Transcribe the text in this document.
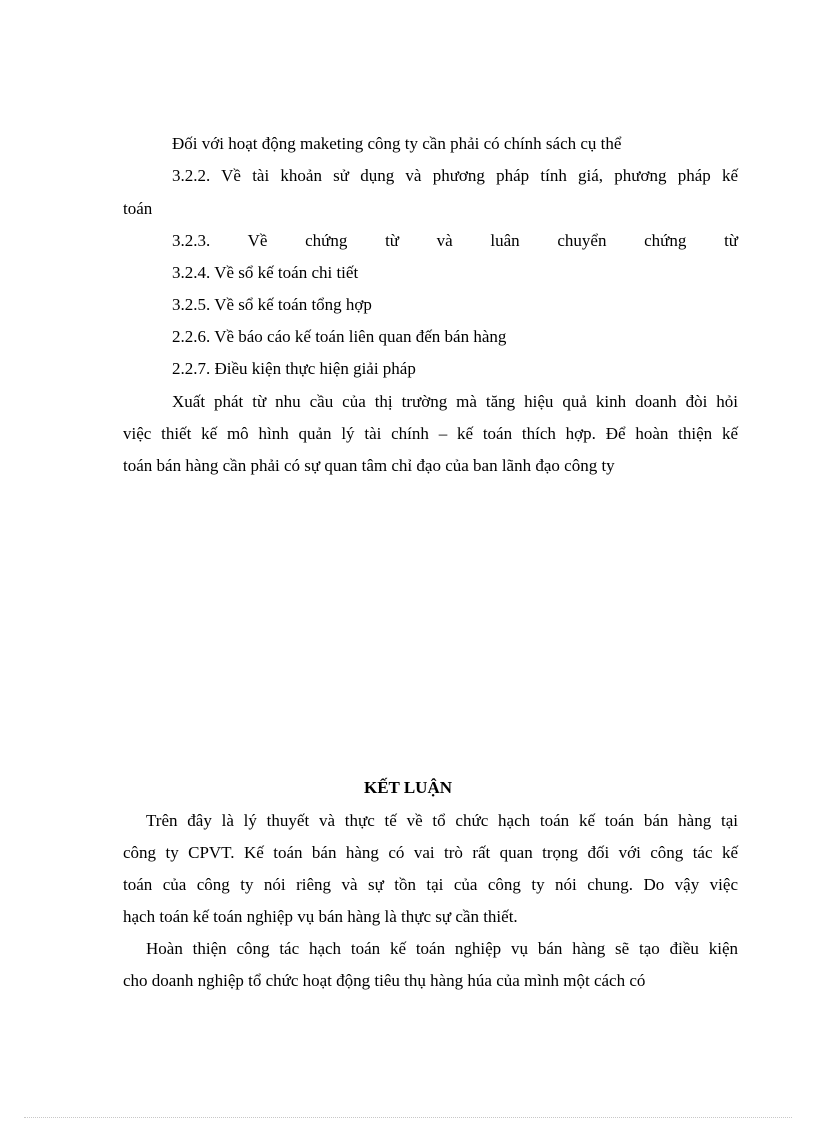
Đối với hoạt động maketing công ty cần phải có chính sách cụ thể
3.2.2. Về tài khoản sử dụng và phương pháp tính giá, phương pháp kế
toán
3.2.3. Về chứng từ và luân chuyển chứng từ
3.2.4. Về sổ kế toán chi tiết
3.2.5. Về sổ kế toán tổng hợp
2.2.6. Về báo cáo kế toán liên quan đến bán hàng
2.2.7. Điều kiện thực hiện giải pháp
Xuất phát từ nhu cầu của thị trường mà tăng hiệu quả kinh doanh đòi hỏi
việc thiết kế mô hình quản lý tài chính – kế toán thích hợp. Để hoàn thiện kế
toán bán hàng cần phải có sự quan tâm chỉ đạo của ban lãnh đạo công ty
KẾT LUẬN
Trên đây là lý thuyết và thực tế về tổ chức hạch toán kế toán bán hàng tại
công ty CPVT. Kế toán bán hàng có vai trò rất quan trọng đối với công tác kế
toán của công ty nói riêng và sự tồn tại của công ty nói chung. Do vậy việc
hạch toán kế toán nghiệp vụ bán hàng là thực sự cần thiết.
Hoàn thiện công tác hạch toán kế toán nghiệp vụ bán hàng sẽ tạo điều kiện
cho doanh nghiệp tổ chức hoạt động tiêu thụ hàng húa của mình một cách có
